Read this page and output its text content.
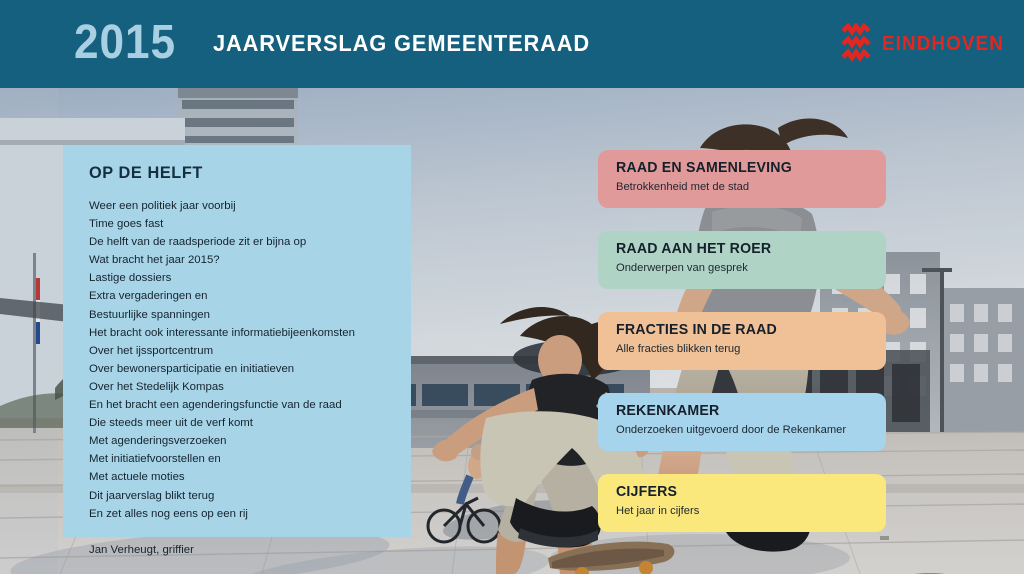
2015 JAARVERSLAG GEMEENTERAAD	EINDHOVEN
OP DE HELFT
Weer een politiek jaar voorbij
Time goes fast
De helft van de raadsperiode zit er bijna op
Wat bracht het jaar 2015?
Lastige dossiers
Extra vergaderingen en
Bestuurlijke spanningen
Het bracht ook interessante informatiebijeenkomsten
Over het ijssportcentrum
Over bewonersparticipatie en initiatieven
Over het Stedelijk Kompas
En het bracht een agenderingsfunctie van de raad
Die steeds meer uit de verf komt
Met agenderingsverzoeken
Met initiatiefvoorstellen en
Met actuele moties
Dit jaarverslag blikt terug
En zet alles nog eens op een rij
Jan Verheugt, griffier
RAAD EN SAMENLEVING
Betrokkenheid met de stad
RAAD AAN HET ROER
Onderwerpen van gesprek
FRACTIES IN DE RAAD
Alle fracties blikken terug
REKENKAMER
Onderzoeken uitgevoerd door de Rekenkamer
CIJFERS
Het jaar in cijfers
